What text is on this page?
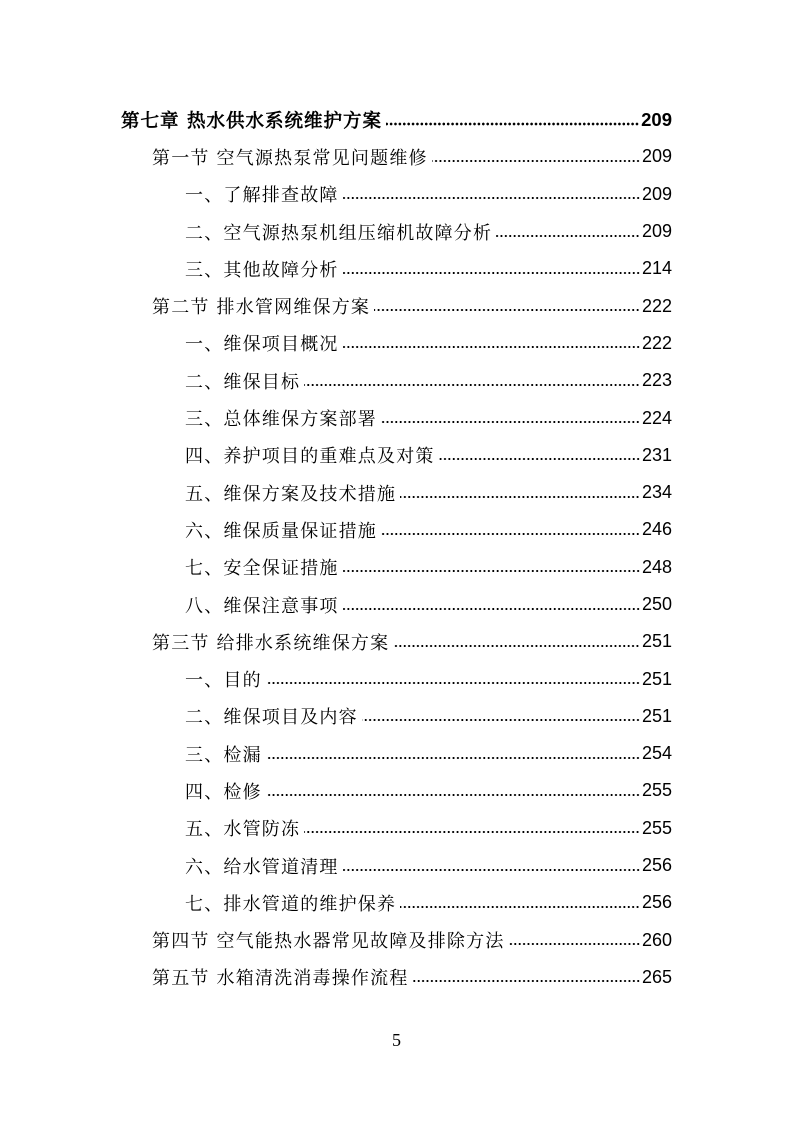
第七章 热水供水系统维护方案	209
第一节 空气源热泵常见问题维修	209
一、了解排查故障	209
二、空气源热泵机组压缩机故障分析	209
三、其他故障分析	214
第二节 排水管网维保方案	222
一、维保项目概况	222
二、维保目标	223
三、总体维保方案部署	224
四、养护项目的重难点及对策	231
五、维保方案及技术措施	234
六、维保质量保证措施	246
七、安全保证措施	248
八、维保注意事项	250
第三节 给排水系统维保方案	251
一、目的	251
二、维保项目及内容	251
三、检漏	254
四、检修	255
五、水管防冻	255
六、给水管道清理	256
七、排水管道的维护保养	256
第四节 空气能热水器常见故障及排除方法	260
第五节 水箱清洗消毒操作流程	265
5
